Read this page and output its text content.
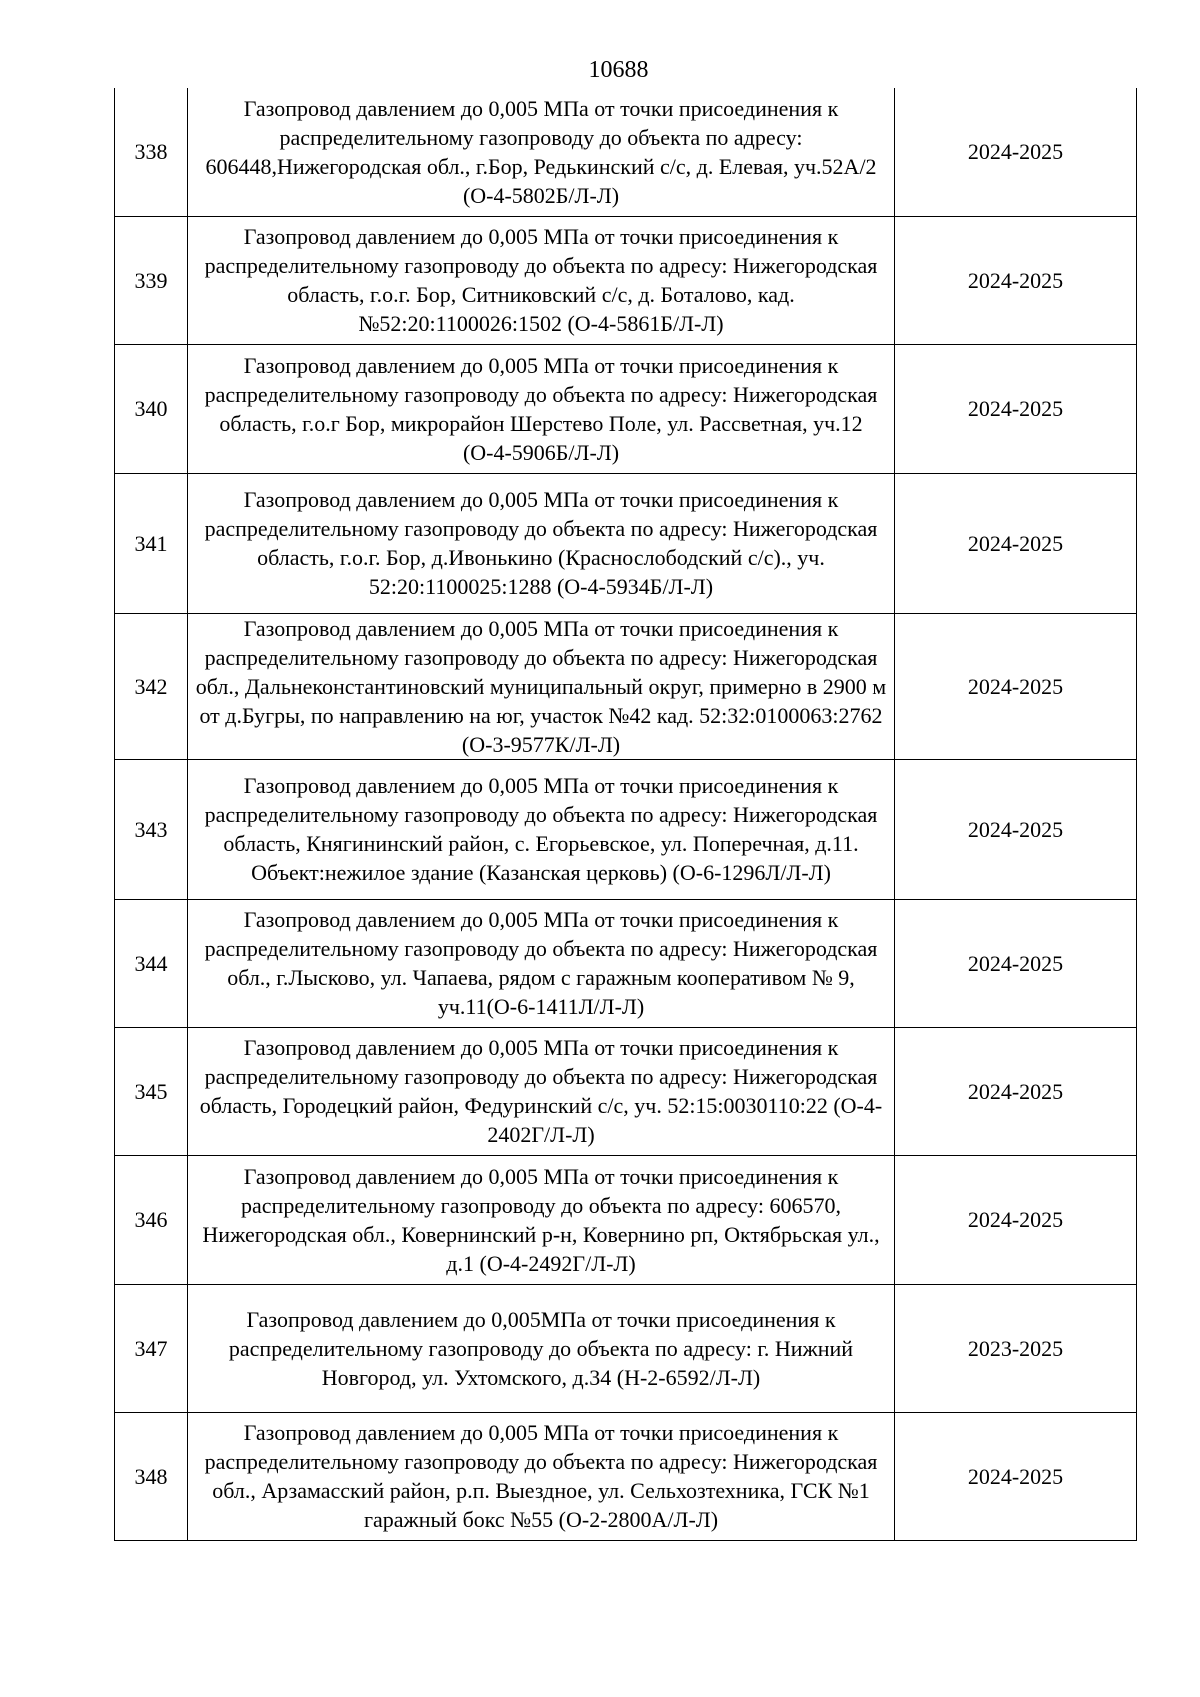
10688
338	Газопровод давлением до 0,005 МПа от точки присоединения к распределительному газопроводу до объекта по адресу: 606448,Нижегородская обл., г.Бор, Редькинский с/с, д. Елевая, уч.52А/2 (О-4-5802Б/Л-Л)	2024-2025
339	Газопровод давлением до 0,005 МПа от точки присоединения к распределительному газопроводу до объекта по адресу: Нижегородская область, г.о.г. Бор, Ситниковский с/с, д. Боталово, кад.№52:20:1100026:1502 (О-4-5861Б/Л-Л)	2024-2025
340	Газопровод давлением до 0,005 МПа от точки присоединения к распределительному газопроводу до объекта по адресу: Нижегородская область, г.о.г Бор, микрорайон Шерстево Поле, ул. Рассветная, уч.12 (О-4-5906Б/Л-Л)	2024-2025
341	Газопровод давлением до 0,005 МПа от точки присоединения к распределительному газопроводу до объекта по адресу: Нижегородская область, г.о.г. Бор, д.Ивонькино (Краснослободский с/с)., уч. 52:20:1100025:1288 (О-4-5934Б/Л-Л)	2024-2025
342	Газопровод давлением до 0,005 МПа от точки присоединения к распределительному газопроводу до объекта по адресу: Нижегородская обл., Дальнеконстантиновский муниципальный округ, примерно в 2900 м от д.Бугры, по направлению на юг, участок №42 кад. 52:32:0100063:2762 (О-3-9577К/Л-Л)	2024-2025
343	Газопровод давлением до 0,005 МПа от точки присоединения к распределительному газопроводу до объекта по адресу: Нижегородская область, Княгининский район, с. Егорьевское, ул. Поперечная, д.11. Объект:нежилое здание (Казанская церковь) (О-6-1296Л/Л-Л)	2024-2025
344	Газопровод давлением до 0,005 МПа от точки присоединения к распределительному газопроводу до объекта по адресу: Нижегородская обл., г.Лысково, ул. Чапаева, рядом с гаражным кооперативом № 9, уч.11(О-6-1411Л/Л-Л)	2024-2025
345	Газопровод давлением до 0,005 МПа от точки присоединения к распределительному газопроводу до объекта по адресу: Нижегородская область, Городецкий район, Федуринский с/с, уч. 52:15:0030110:22 (О-4-2402Г/Л-Л)	2024-2025
346	Газопровод давлением до 0,005 МПа от точки присоединения к распределительному газопроводу до объекта по адресу: 606570, Нижегородская обл., Ковернинский р-н, Ковернино рп, Октябрьская ул., д.1 (О-4-2492Г/Л-Л)	2024-2025
347	Газопровод давлением до 0,005МПа от точки присоединения к распределительному газопроводу до объекта по адресу: г. Нижний Новгород, ул. Ухтомского, д.34 (Н-2-6592/Л-Л)	2023-2025
348	Газопровод давлением до 0,005 МПа от точки присоединения к распределительному газопроводу до объекта по адресу: Нижегородская обл., Арзамасский район, р.п. Выездное, ул. Сельхозтехника, ГСК №1 гаражный бокс №55 (О-2-2800А/Л-Л)	2024-2025
